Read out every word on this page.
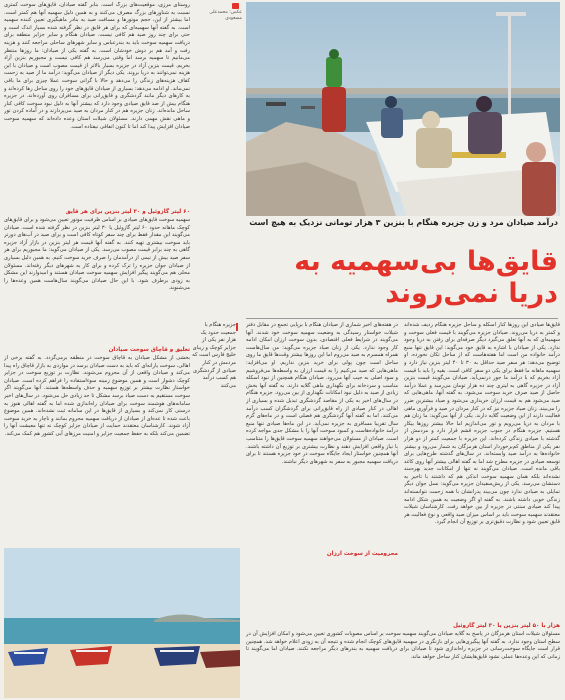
عکس: محمدعلی
مسعودی

روستای مرزی، موقعیت‌های بزرگ است. بنابر گفته صیادان، قایق‌های سوخت کمتری نسبت به شناورهای بزرگ مصرف می‌کنند و به همین دلیل سهمیه آنها هم کمتر است. اما بیشتر از این، حجم موتورها و مسافت صید به بنادر ماهیگیری تعیین کننده سهمیه است. به گفته آنها سهمیه‌ای که برای هر قایق در نظر گرفته شده بسیار اندک است و حتی برای چند روز صید هم کافی نیست. صیادان هنگام و سایر جزایر منطقه برای دریافت سهمیه سوخت باید به بندرعباس و سایر شهرهای ساحلی مراجعه کنند و هزینه رفت و آمد هم بر دوش خودشان است. به گفته یکی از صیادان: ما روزها منتظر می‌مانیم تا سهمیه برسد اما وقتی می‌رسد هم کافی نیست و مجبوریم بنزین آزاد بخریم. قیمت بنزین آزاد در جزیره بسیار بالاتر از قیمت مصوب است و صیادان با این هزینه نمی‌توانند به دریا بروند. یکی دیگر از صیادان می‌گوید: درآمد ما از صید به زحمت کفاف هزینه‌های زندگی را می‌دهد و حالا با گرانی سوخت عملا چیزی برای ما باقی نمی‌ماند. او ادامه می‌دهد: بسیاری از صیادان قایق‌های خود را روی ساحل رها کرده‌اند و به کارهای دیگر مانند گردشگری و قایق‌رانی برای مسافران روی آورده‌اند. در جزیره هنگام بیش از صد قایق صیادی وجود دارد که بیشتر آنها به دلیل نبود سوخت کافی کنار ساحل مانده‌اند. زنان جزیره هم در کنار مردان به صید می‌پردازند و در آماده کردن تور و ماهی نقش مهمی دارند. مسئولان شیلات استان وعده داده‌اند که سهمیه سوخت صیادان افزایش پیدا کند اما تا کنون اتفاقی نیفتاده است.

۶۰ لیتر گازوئیل و ۳۰ لیتر بنزین برای هر قایق

سهمیه سوخت قایق‌های صیادی بر اساس ظرفیت موتور تعیین می‌شود و برای قایق‌های کوچک ماهانه حدود ۶۰ لیتر گازوئیل یا ۳۰ لیتر بنزین در نظر گرفته شده است. صیادان می‌گویند این مقدار فقط برای چند سفر کوتاه کافی است و برای صید در آب‌های دورتر باید سوخت بیشتری تهیه کنند. به گفته آنها قیمت هر لیتر بنزین در بازار آزاد جزیره گاهی به چند برابر قیمت مصوب می‌رسد. یکی از صیادان می‌گوید: ما مجبوریم برای هر سفر صید بیش از نیمی از درآمدمان را صرف خرید سوخت کنیم. به همین دلیل بسیاری از صیادان جوان جزیره را ترک کرده و برای کار به شهرهای دیگر رفته‌اند. مسئولان محلی هم می‌گویند پیگیر افزایش سهمیه سوخت صیادان هستند و امیدوارند این مشکل به زودی برطرف شود. با این حال صیادان می‌گویند سال‌هاست همین وعده‌ها را می‌شنوند.

تعلیق و قاچاق سوخت صیادان

بخشی از مشکل صیادان به قاچاق سوخت در منطقه برمی‌گردد. به گفته برخی از اهالی، سوخت یارانه‌ای که باید به دست صیادان برسد در مواردی به بازار قاچاق راه پیدا می‌کند و صیادان واقعی از آن محروم می‌شوند. نظارت بر توزیع سوخت در جزایر کوچک دشوار است و همین موضوع زمینه سوءاستفاده را فراهم کرده است. صیادان خواستار نظارت بیشتر بر توزیع سهمیه و حذف واسطه‌ها هستند. آنها می‌گویند اگر سوخت مستقیم به دست صیاد برسد مشکل تا حد زیادی حل می‌شود. در سال‌های اخیر سامانه‌های هوشمند سوخت برای صیادان راه‌اندازی شده اما به گفته اهالی هنوز به درستی کار نمی‌کند و بسیاری از قایق‌ها در این سامانه ثبت نشده‌اند. همین موضوع باعث شده تا عده‌ای از صیادان از دریافت سهمیه محروم بمانند و ناچار به خرید سوخت آزاد شوند. کارشناسان معتقدند حمایت از صیادان جزایر کوچک نه تنها معیشت آنها را تضمین می‌کند بلکه به حفظ جمعیت جزایر و امنیت مرزهای آبی کشور هم کمک می‌کند.

جزیره هنگام با جمعیت حدود یک هزار نفر یکی از جزایر کوچک و زیبای خلیج فارس است که مردمش در کنار صیادی از گردشگری هم کسب درآمد می‌کنند
درآمد صیادان مرد و زن جزیره هنگام با بنزین ۳ هزار تومانی نزدیک به هیچ است
قایق‌ها بی‌سهمیه به دریا نمی‌روند

قایق‌ها صیادی این روزها کنار اسکله و ساحل جزیره هنگام ردیف شده‌اند و کمتر به دریا می‌روند. صیادان جزیره می‌گویند با قیمت فعلی سوخت و سهمیه‌ای که به آنها تعلق می‌گیرد دیگر صرفه‌ای برای رفتن به دریا وجود ندارد. یکی از صیادان با اشاره به قایق خود می‌گوید: این قایق تنها منبع درآمد خانواده من است اما هفته‌هاست که از ساحل تکان نخورده. او توضیح می‌دهد: هر سفر صید حداقل به ۳۰ تا ۴۰ لیتر بنزین نیاز دارد و سهمیه ماهانه ما فقط برای یکی دو سفر کافی است. بقیه را باید با قیمت آزاد بخریم که با درآمد ما جور درنمی‌آید. صیادان می‌گویند قیمت بنزین آزاد در جزیره گاهی به لیتری چند ده هزار تومان می‌رسد و عملا درآمد حاصل از صید صرف خرید سوخت می‌شود. به گفته آنها، ماهی‌هایی که صید می‌شود هم به قیمت ارزان خریداری می‌شود و صیاد بیشترین ضرر را می‌بیند. زنان صیاد جزیره نیز که در کنار مردان در صید و فرآوری ماهی فعالیت دارند از این وضعیت گلایه دارند. یکی از آنها می‌گوید: ما زنان هم با مردان به دریا می‌رویم و تور می‌اندازیم اما حالا بیشتر روزها بیکار هستیم. جزیره هنگام در جنوب جزیره قشم قرار دارد و مردمش از گذشته با صیادی زندگی کرده‌اند. این جزیره با جمعیت کمتر از دو هزار نفر یکی از مناطق کم‌برخوردار استان هرمزگان به شمار می‌رود و بیشتر خانواده‌ها به درآمد صید وابسته‌اند. در سال‌های گذشته طرح‌هایی برای توسعه صیادی در جزیره مطرح شد اما به گفته اهالی بیشتر آنها روی کاغذ باقی مانده است. صیادان می‌گویند نه تنها از امکانات جدید بهره‌مند نشده‌اند بلکه همان سهمیه سوخت اندکی هم که داشتند با تاخیر به دستشان می‌رسد. یکی از ریش‌سفیدان جزیره می‌گوید: نسل جوان دیگر تمایلی به صیادی ندارد چون می‌بیند پدرانشان با همه زحمت نتوانسته‌اند زندگی خوبی داشته باشند. به گفته او اگر وضعیت به همین شکل ادامه پیدا کند صیادی سنتی در جزیره از بین خواهد رفت. کارشناسان شیلات معتقدند سهمیه سوخت باید بر اساس میزان صید واقعی و نوع فعالیت هر قایق تعیین شود و نظارت دقیق‌تری بر توزیع آن انجام گیرد.

در هفته‌های اخیر شماری از صیادان هنگام با برپایی تجمع در مقابل دفتر شیلات خواستار رسیدگی به وضعیت سهمیه سوخت خود شدند. آنها می‌گویند در شرایط فعلی اقتصادی، بدون سوخت ارزان امکان ادامه کار وجود ندارد. یکی از زنان صیاد جزیره می‌گوید: من سال‌هاست همراه همسرم به صید می‌روم اما این روزها بیشتر وقت‌ها قایق ما روی ساحل است چون پولی برای خرید بنزین نداریم. او می‌افزاید: ماهی‌هایی که صید می‌کنیم را به قیمت ارزان به واسطه‌ها می‌فروشیم و سود اصلی به جیب آنها می‌رود. صیادان هنگام همچنین از نبود اسکله مناسب و سردخانه برای نگهداری ماهی گلایه دارند. به گفته آنها بخش زیادی از صید به دلیل نبود امکانات نگهداری از بین می‌رود. جزیره هنگام در سال‌های اخیر به یکی از مقاصد گردشگری تبدیل شده و بسیاری از اهالی در کنار صیادی از راه قایق‌رانی برای گردشگران کسب درآمد می‌کنند. اما به گفته آنها گردشگری هم فصلی است و در ماه‌های گرم سال تقریبا مسافری به جزیره نمی‌آید. در این ماه‌ها صیادی تنها منبع درآمد خانواده‌هاست و کمبود سوخت آنها را با مشکل جدی مواجه کرده است. صیادان از مسئولان می‌خواهند سهمیه سوخت قایق‌ها را متناسب با نیاز واقعی افزایش دهند و نظارت بیشتری بر توزیع آن داشته باشند. آنها همچنین خواستار ایجاد جایگاه سوخت در خود جزیره هستند تا برای دریافت سهمیه مجبور به سفر به شهرهای دیگر نباشند.

هزار با ۵۰ لیتر بنزین یا ۳۰ لیتر گازوئیل

مسئولان شیلات استان هرمزگان در پاسخ به گلایه صیادان می‌گویند سهمیه سوخت بر اساس مصوبات کشوری تعیین می‌شود و امکان افزایش آن در سطح استان وجود ندارد. به گفته آنها پیگیری‌هایی برای بازنگری در سهمیه قایق‌های کوچک انجام شده و نتیجه آن به زودی اعلام خواهد شد. همچنین قرار است جایگاه سوخت‌رسانی در جزیره راه‌اندازی شود تا صیادان برای دریافت سهمیه به بندرهای دیگر مراجعه نکنند. صیادان اما می‌گویند تا زمانی که این وعده‌ها عملی نشود قایق‌هایشان کنار ساحل خواهد ماند.

محرومیت از سوخت ارزان
